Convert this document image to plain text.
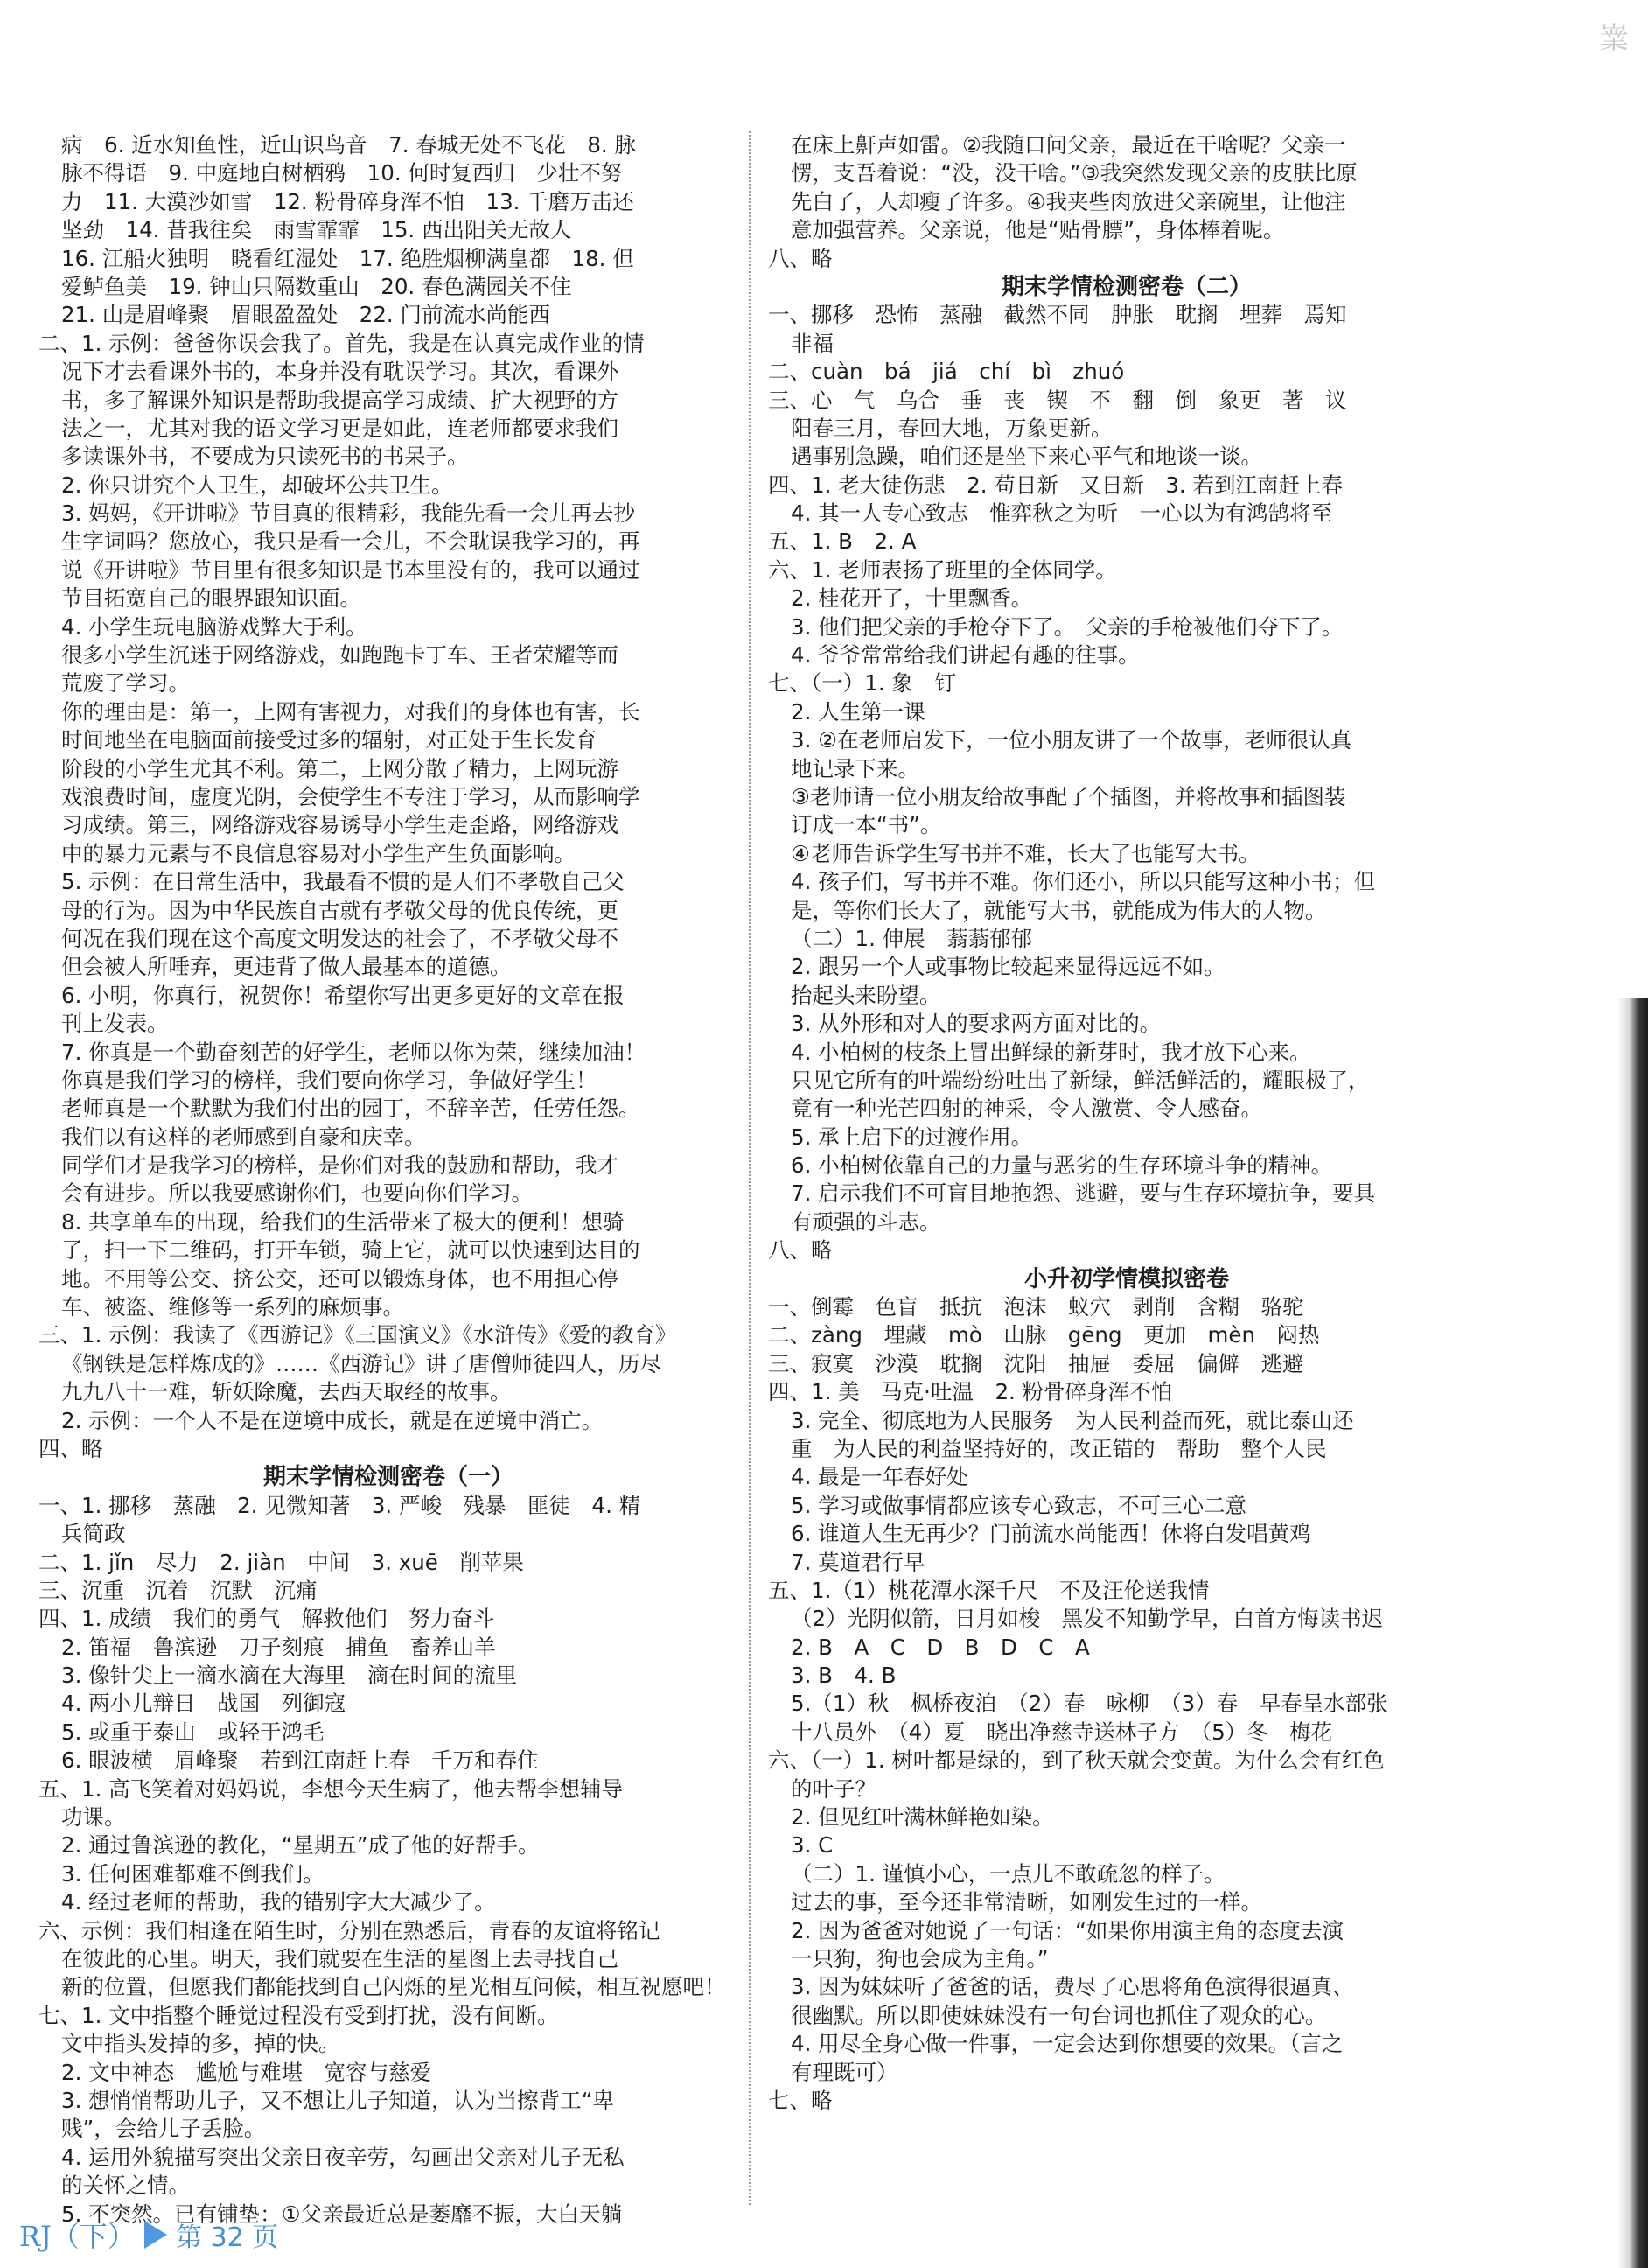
嶪
病　6. 近水知鱼性，近山识鸟音　7. 春城无处不飞花　8. 脉
脉不得语　9. 中庭地白树栖鸦　10. 何时复西归　少壮不努
力　11. 大漠沙如雪　12. 粉骨碎身浑不怕　13. 千磨万击还
坚劲　14. 昔我往矣　雨雪霏霏　15. 西出阳关无故人
16. 江船火独明　晓看红湿处　17. 绝胜烟柳满皇都　18. 但
爱鲈鱼美　19. 钟山只隔数重山　20. 春色满园关不住
21. 山是眉峰聚　眉眼盈盈处　22. 门前流水尚能西
二、1. 示例：爸爸你误会我了。首先，我是在认真完成作业的情
况下才去看课外书的，本身并没有耽误学习。其次，看课外
书，多了解课外知识是帮助我提高学习成绩、扩大视野的方
法之一，尤其对我的语文学习更是如此，连老师都要求我们
多读课外书，不要成为只读死书的书呆子。
2. 你只讲究个人卫生，却破坏公共卫生。
3. 妈妈，《开讲啦》节目真的很精彩，我能先看一会儿再去抄
生字词吗？您放心，我只是看一会儿，不会耽误我学习的，再
说《开讲啦》节目里有很多知识是书本里没有的，我可以通过
节目拓宽自己的眼界跟知识面。
4. 小学生玩电脑游戏弊大于利。
很多小学生沉迷于网络游戏，如跑跑卡丁车、王者荣耀等而
荒废了学习。
你的理由是：第一，上网有害视力，对我们的身体也有害，长
时间地坐在电脑面前接受过多的辐射，对正处于生长发育
阶段的小学生尤其不利。第二，上网分散了精力，上网玩游
戏浪费时间，虚度光阴，会使学生不专注于学习，从而影响学
习成绩。第三，网络游戏容易诱导小学生走歪路，网络游戏
中的暴力元素与不良信息容易对小学生产生负面影响。
5. 示例：在日常生活中，我最看不惯的是人们不孝敬自己父
母的行为。因为中华民族自古就有孝敬父母的优良传统，更
何况在我们现在这个高度文明发达的社会了，不孝敬父母不
但会被人所唾弃，更违背了做人最基本的道德。
6. 小明，你真行，祝贺你！希望你写出更多更好的文章在报
刊上发表。
7. 你真是一个勤奋刻苦的好学生，老师以你为荣，继续加油！
你真是我们学习的榜样，我们要向你学习，争做好学生！
老师真是一个默默为我们付出的园丁，不辞辛苦，任劳任怨。
我们以有这样的老师感到自豪和庆幸。
同学们才是我学习的榜样，是你们对我的鼓励和帮助，我才
会有进步。所以我要感谢你们，也要向你们学习。
8. 共享单车的出现，给我们的生活带来了极大的便利！想骑
了，扫一下二维码，打开车锁，骑上它，就可以快速到达目的
地。不用等公交、挤公交，还可以锻炼身体，也不用担心停
车、被盗、维修等一系列的麻烦事。
三、1. 示例：我读了《西游记》《三国演义》《水浒传》《爱的教育》
《钢铁是怎样炼成的》……《西游记》讲了唐僧师徒四人，历尽
九九八十一难，斩妖除魔，去西天取经的故事。
2. 示例：一个人不是在逆境中成长，就是在逆境中消亡。
四、略
期末学情检测密卷（一）
一、1. 挪移　蒸融　2. 见微知著　3. 严峻　残暴　匪徒　4. 精
兵简政
二、1. jǐn　尽力　2. jiàn　中间　3. xuē　削苹果
三、沉重　沉着　沉默　沉痛
四、1. 成绩　我们的勇气　解救他们　努力奋斗
2. 笛福　鲁滨逊　刀子刻痕　捕鱼　畜养山羊
3. 像针尖上一滴水滴在大海里　滴在时间的流里
4. 两小儿辩日　战国　列御寇
5. 或重于泰山　或轻于鸿毛
6. 眼波横　眉峰聚　若到江南赶上春　千万和春住
五、1. 高飞笑着对妈妈说，李想今天生病了，他去帮李想辅导
功课。
2. 通过鲁滨逊的教化，“星期五”成了他的好帮手。
3. 任何困难都难不倒我们。
4. 经过老师的帮助，我的错别字大大减少了。
六、示例：我们相逢在陌生时，分别在熟悉后，青春的友谊将铭记
在彼此的心里。明天，我们就要在生活的星图上去寻找自己
新的位置，但愿我们都能找到自己闪烁的星光相互问候，相互祝愿吧！
七、1. 文中指整个睡觉过程没有受到打扰，没有间断。
文中指头发掉的多，掉的快。
2. 文中神态　尴尬与难堪　宽容与慈爱
3. 想悄悄帮助儿子，又不想让儿子知道，认为当擦背工“卑
贱”，会给儿子丢脸。
4. 运用外貌描写突出父亲日夜辛劳，勾画出父亲对儿子无私
的关怀之情。
5. 不突然。已有铺垫：①父亲最近总是萎靡不振，大白天躺
在床上鼾声如雷。②我随口问父亲，最近在干啥呢？父亲一
愣，支吾着说：“没，没干啥。”③我突然发现父亲的皮肤比原
先白了，人却瘦了许多。④我夹些肉放进父亲碗里，让他注
意加强营养。父亲说，他是“贴骨膘”，身体棒着呢。
八、略
期末学情检测密卷（二）
一、挪移　恐怖　蒸融　截然不同　肿胀　耽搁　埋葬　焉知
非福
二、cuàn　bá　jiá　chí　bì　zhuó
三、心　气　乌合　垂　丧　锲　不　翻　倒　象更　著　议
阳春三月，春回大地，万象更新。
遇事别急躁，咱们还是坐下来心平气和地谈一谈。
四、1. 老大徒伤悲　2. 苟日新　又日新　3. 若到江南赶上春
4. 其一人专心致志　惟弈秋之为听　一心以为有鸿鹄将至
五、1. B　2. A
六、1. 老师表扬了班里的全体同学。
2. 桂花开了，十里飘香。
3. 他们把父亲的手枪夺下了。　父亲的手枪被他们夺下了。
4. 爷爷常常给我们讲起有趣的往事。
七、（一）1. 象　钉
2. 人生第一课
3. ②在老师启发下，一位小朋友讲了一个故事，老师很认真
地记录下来。
③老师请一位小朋友给故事配了个插图，并将故事和插图装
订成一本“书”。
④老师告诉学生写书并不难，长大了也能写大书。
4. 孩子们，写书并不难。你们还小，所以只能写这种小书；但
是，等你们长大了，就能写大书，就能成为伟大的人物。
（二）1. 伸展　蓊蓊郁郁
2. 跟另一个人或事物比较起来显得远远不如。
抬起头来盼望。
3. 从外形和对人的要求两方面对比的。
4. 小柏树的枝条上冒出鲜绿的新芽时，我才放下心来。
只见它所有的叶端纷纷吐出了新绿，鲜活鲜活的，耀眼极了，
竟有一种光芒四射的神采，令人激赏、令人感奋。
5. 承上启下的过渡作用。
6. 小柏树依靠自己的力量与恶劣的生存环境斗争的精神。
7. 启示我们不可盲目地抱怨、逃避，要与生存环境抗争，要具
有顽强的斗志。
八、略
小升初学情模拟密卷
一、倒霉　色盲　抵抗　泡沫　蚁穴　剥削　含糊　骆驼
二、zàng　埋藏　mò　山脉　gēng　更加　mèn　闷热
三、寂寞　沙漠　耽搁　沈阳　抽屉　委屈　偏僻　逃避
四、1. 美　马克·吐温　2. 粉骨碎身浑不怕
3. 完全、彻底地为人民服务　为人民利益而死，就比泰山还
重　为人民的利益坚持好的，改正错的　帮助　整个人民
4. 最是一年春好处
5. 学习或做事情都应该专心致志，不可三心二意
6. 谁道人生无再少？门前流水尚能西！休将白发唱黄鸡
7. 莫道君行早
五、1.（1）桃花潭水深千尺　不及汪伦送我情
（2）光阴似箭，日月如梭　黑发不知勤学早，白首方悔读书迟
2. B　A　C　D　B　D　C　A
3. B　4. B
5.（1）秋　枫桥夜泊　（2）春　咏柳　（3）春　早春呈水部张
十八员外　（4）夏　晓出净慈寺送林子方　（5）冬　梅花
六、（一）1. 树叶都是绿的，到了秋天就会变黄。为什么会有红色
的叶子？
2. 但见红叶满林鲜艳如染。
3. C
（二）1. 谨慎小心，一点儿不敢疏忽的样子。
过去的事，至今还非常清晰，如刚发生过的一样。
2. 因为爸爸对她说了一句话：“如果你用演主角的态度去演
一只狗，狗也会成为主角。”
3. 因为妹妹听了爸爸的话，费尽了心思将角色演得很逼真、
很幽默。所以即使妹妹没有一句台词也抓住了观众的心。
4. 用尽全身心做一件事，一定会达到你想要的效果。（言之
有理既可）
七、略
RJ（下） 第 32 页
